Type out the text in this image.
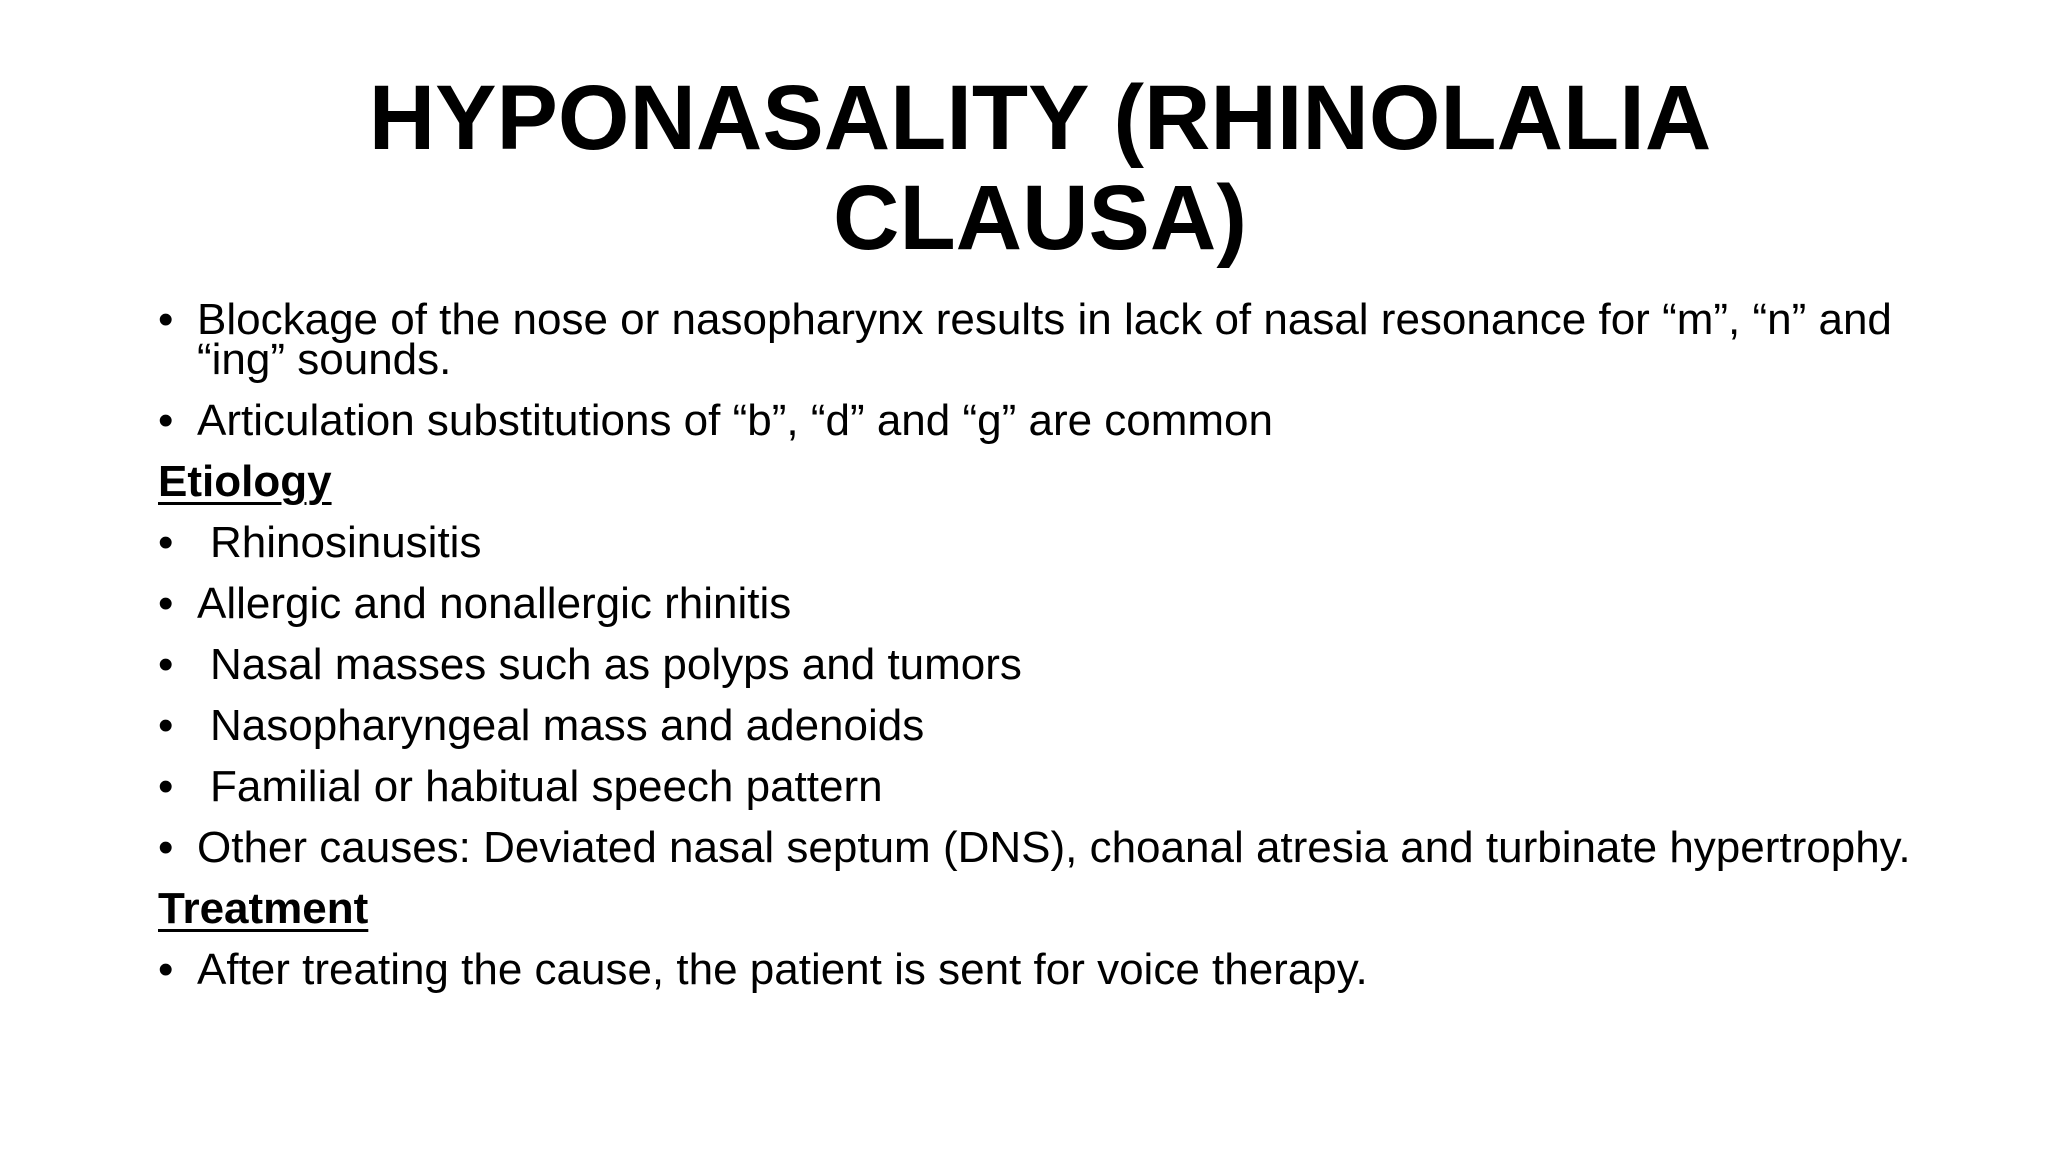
HYPONASALITY (RHINOLALIA
CLAUSA)
• Blockage of the nose or nasopharynx results in lack of nasal resonance for “m”, “n” and “ing” sounds.
• Articulation substitutions of “b”, “d” and “g” are common
Etiology
• Rhinosinusitis
• Allergic and nonallergic rhinitis
• Nasal masses such as polyps and tumors
• Nasopharyngeal mass and adenoids
• Familial or habitual speech pattern
• Other causes: Deviated nasal septum (DNS), choanal atresia and turbinate hypertrophy.
Treatment
• After treating the cause, the patient is sent for voice therapy.
